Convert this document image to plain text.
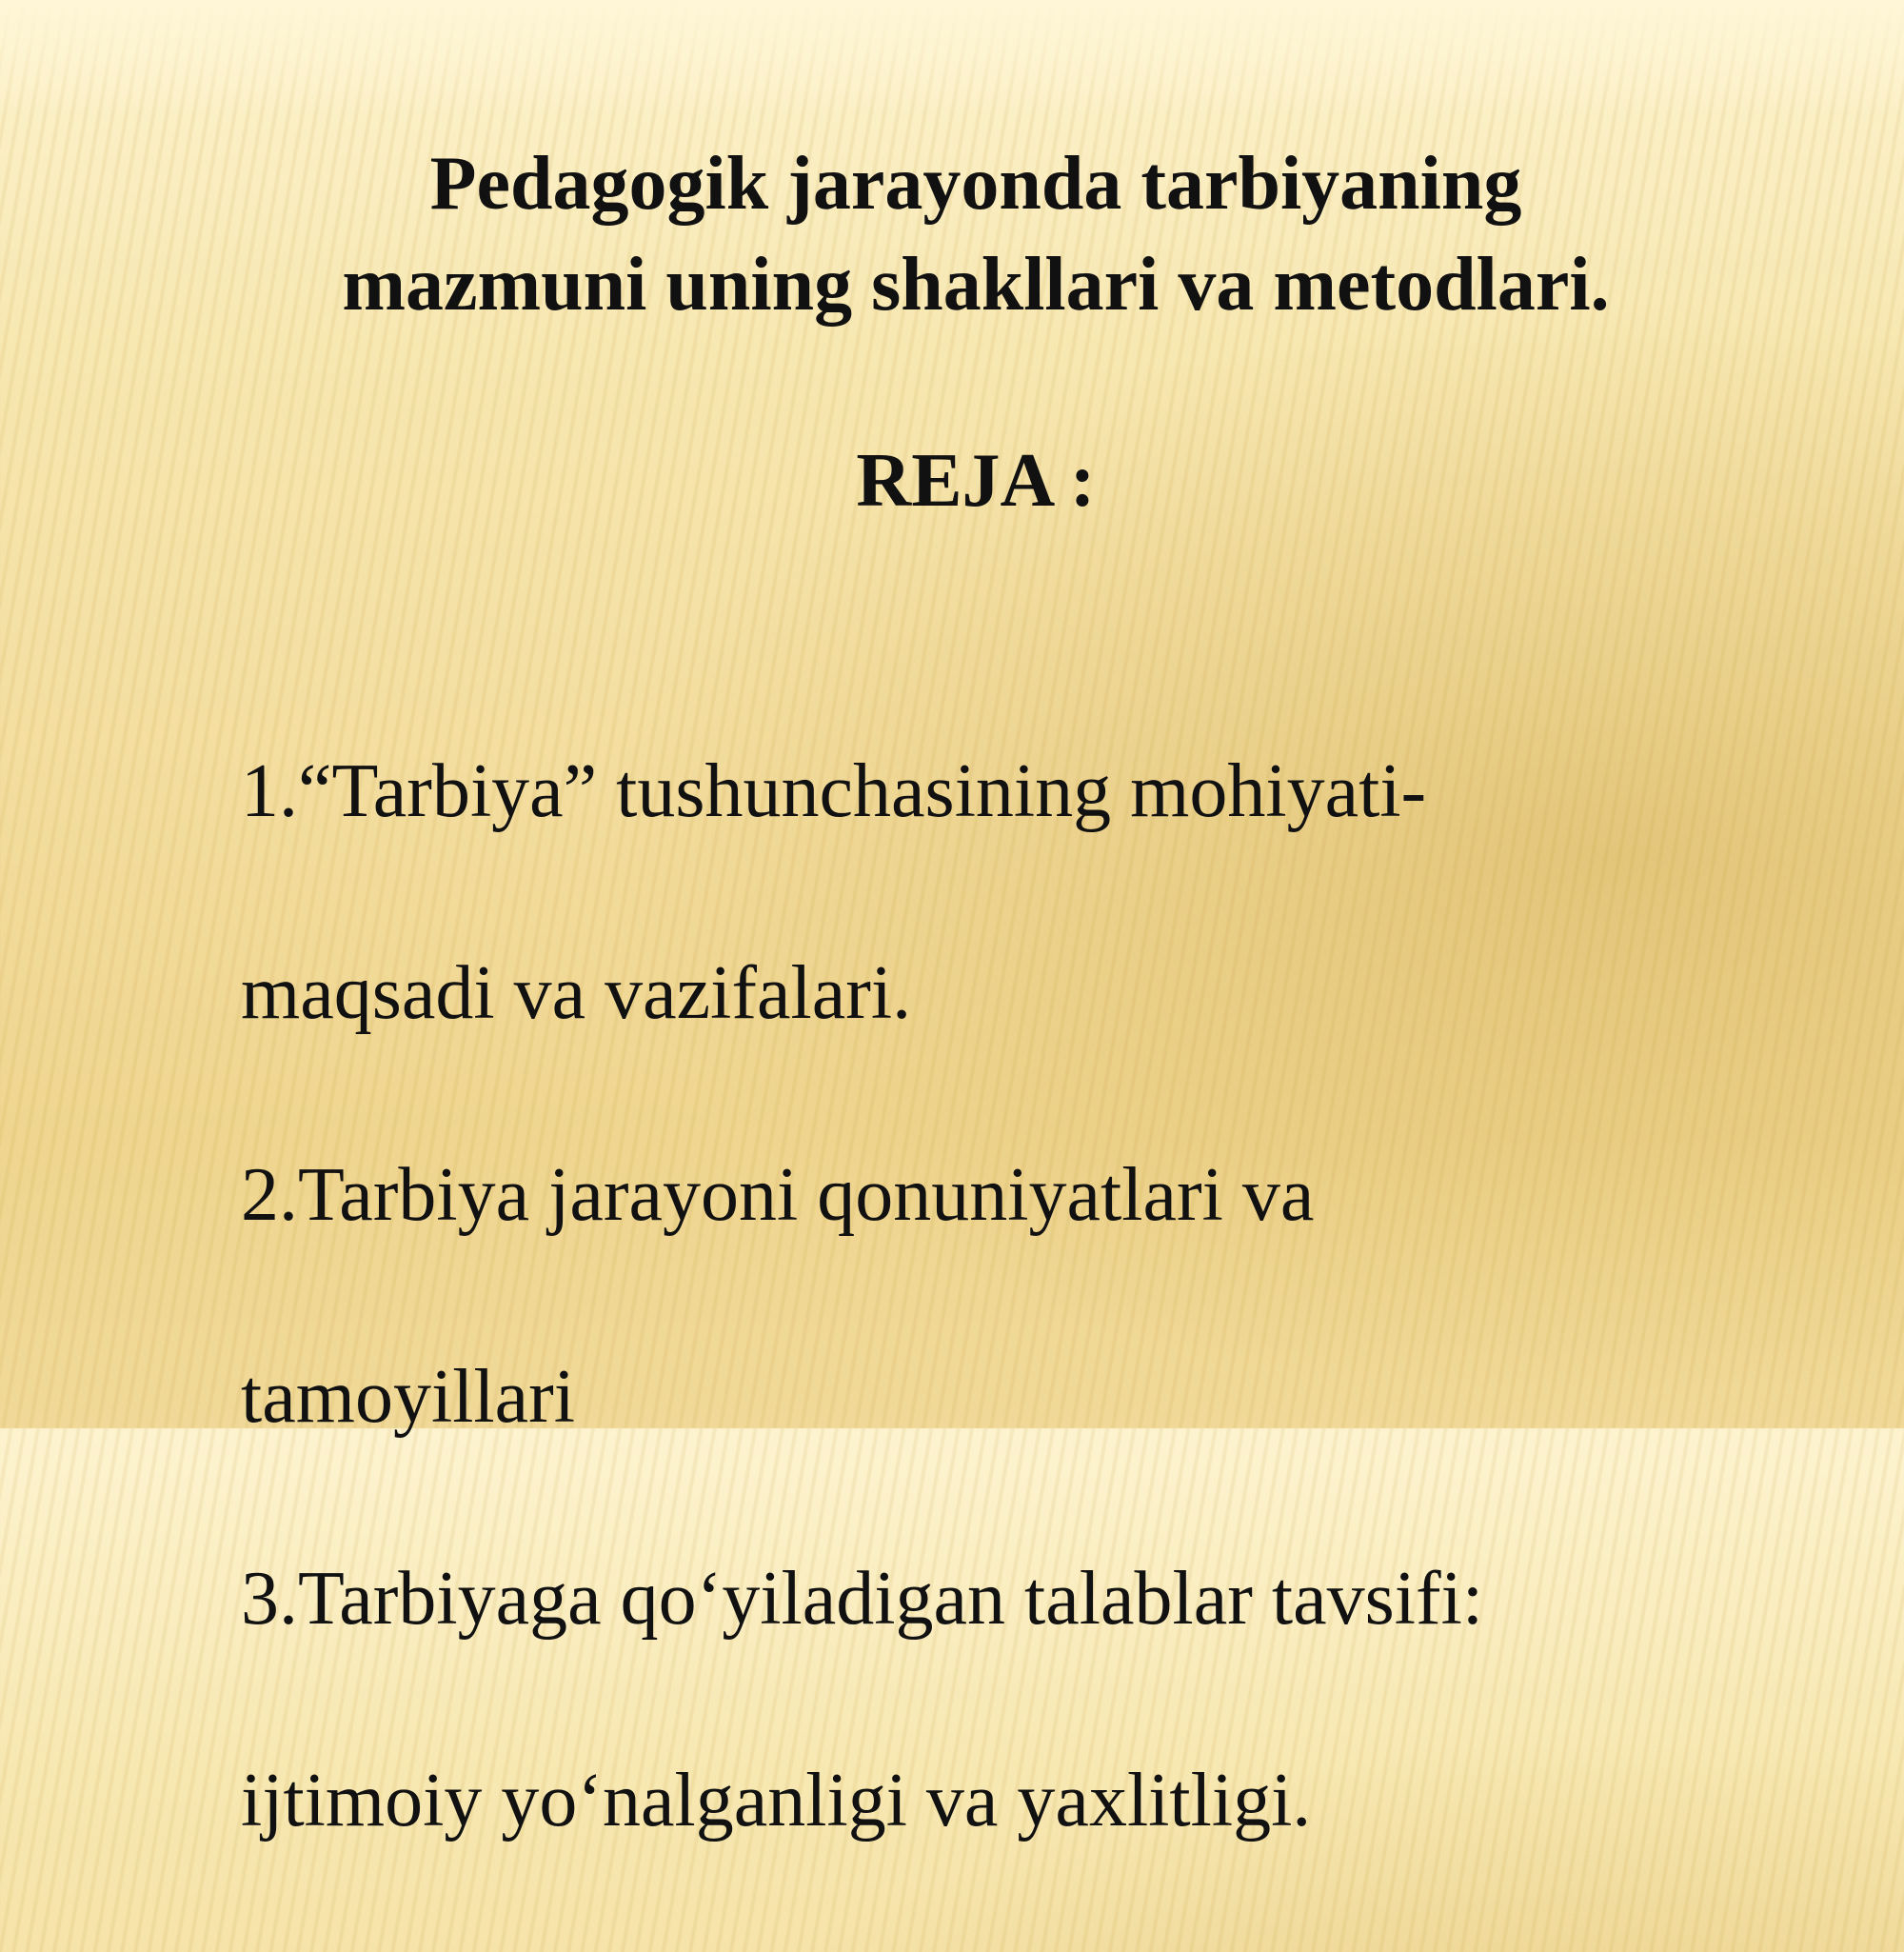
Pedagogik jarayonda tarbiyaning
mazmuni uning shakllari va metodlari.
REJA :

1.“Tarbiya” tushunchasining mohiyati-

maqsadi va vazifalari.

2.Tarbiya jarayoni qonuniyatlari va

tamoyillari

3.Tarbiyaga qo‘yiladigan talablar tavsifi:

ijtimoiy yo‘nalganligi va yaxlitligi.
